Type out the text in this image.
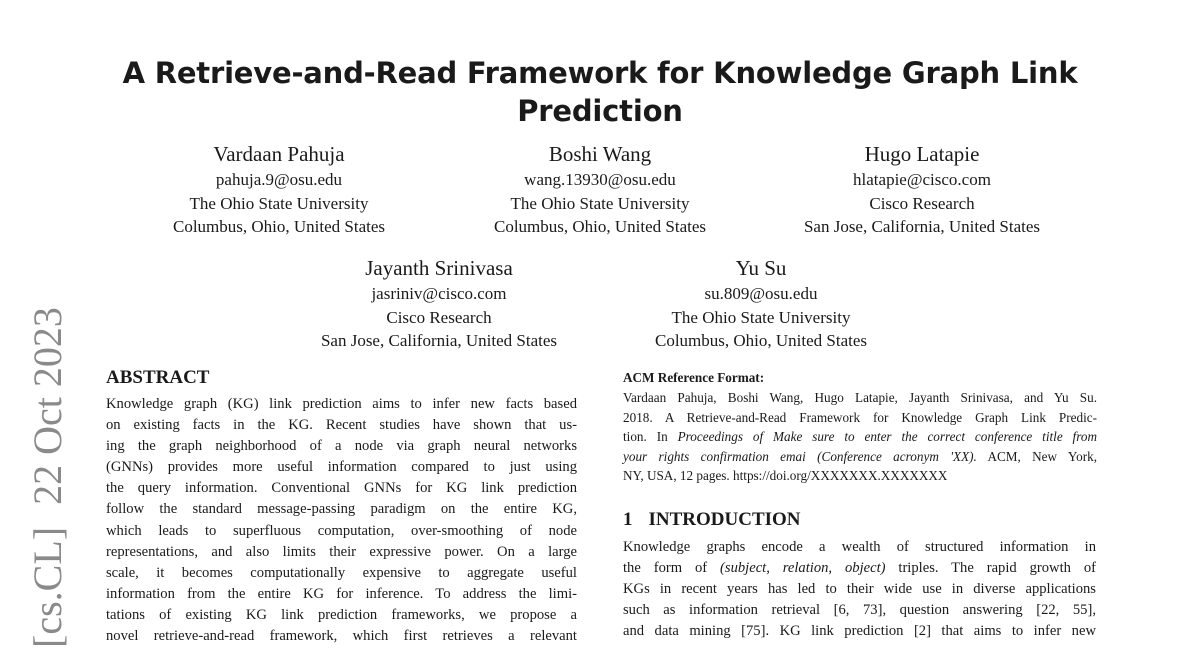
A Retrieve-and-Read Framework for Knowledge Graph Link
Prediction
Vardaan Pahuja
pahuja.9@osu.edu
The Ohio State University
Columbus, Ohio, United States
Boshi Wang
wang.13930@osu.edu
The Ohio State University
Columbus, Ohio, United States
Hugo Latapie
hlatapie@cisco.com
Cisco Research
San Jose, California, United States
Jayanth Srinivasa
jasriniv@cisco.com
Cisco Research
San Jose, California, United States
Yu Su
su.809@osu.edu
The Ohio State University
Columbus, Ohio, United States
[cs.CL]22 Oct 2023 ABSTRACT
Knowledge graph (KG) link prediction aims to infer new facts based
on existing facts in the KG. Recent studies have shown that us-
ing the graph neighborhood of a node via graph neural networks
(GNNs) provides more useful information compared to just using
the query information. Conventional GNNs for KG link prediction
follow the standard message-passing paradigm on the entire KG,
which leads to superfluous computation, over-smoothing of node
representations, and also limits their expressive power. On a large
scale, it becomes computationally expensive to aggregate useful
information from the entire KG for inference. To address the limi-
tations of existing KG link prediction frameworks, we propose a
novel retrieve-and-read framework, which first retrieves a relevant
ACM Reference Format:
Vardaan Pahuja, Boshi Wang, Hugo Latapie, Jayanth Srinivasa, and Yu Su.
2018. A Retrieve-and-Read Framework for Knowledge Graph Link Predic-
tion. In Proceedings of Make sure to enter the correct conference title from
your rights confirmation emai (Conference acronym 'XX). ACM, New York,
NY, USA, 12 pages. https://doi.org/XXXXXXX.XXXXXXX
1 INTRODUCTION
Knowledge graphs encode a wealth of structured information in
the form of (subject, relation, object) triples. The rapid growth of
KGs in recent years has led to their wide use in diverse applications
such as information retrieval [6, 73], question answering [22, 55],
and data mining [75]. KG link prediction [2] that aims to infer new
